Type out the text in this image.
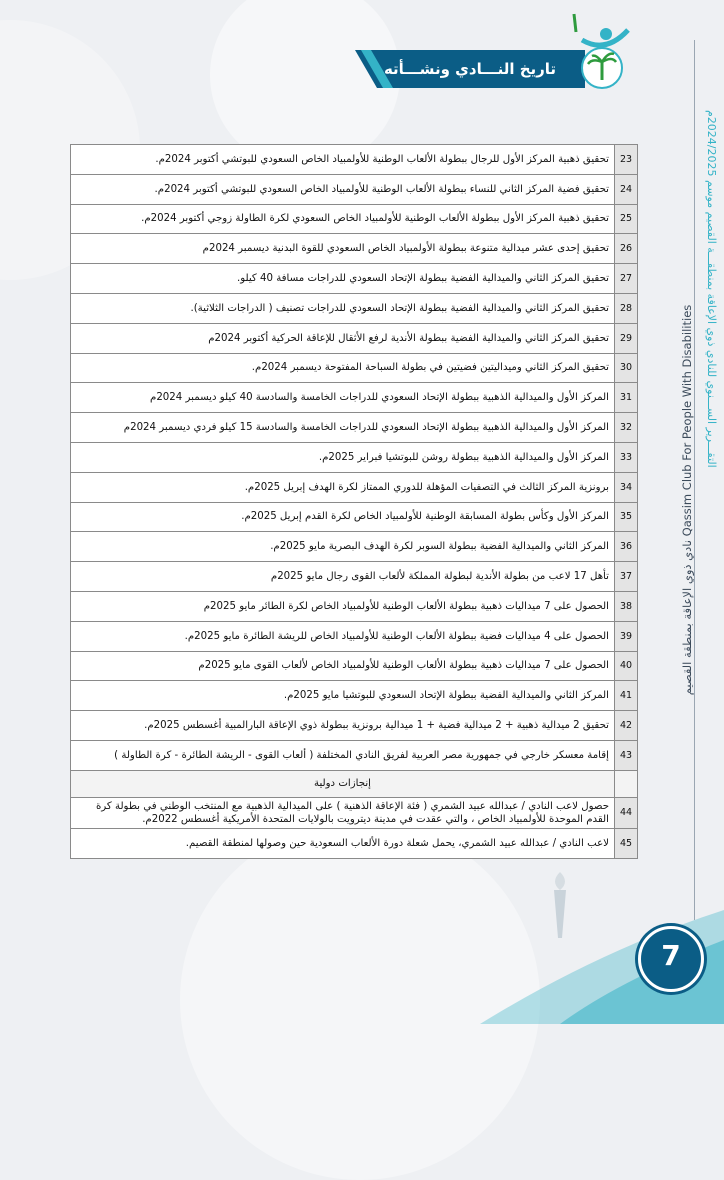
تاريخ النـــادي ونشـــأته
Qassim Club For People With Disabilities نادي ذوي الإعاقة بمنطقة القصيم
التقـــرير الســـنوي للنادي ذوي الإعاقة بمنطقـــة القصيم موسم 2024/2025م
23	تحقيق ذهبية المركز الأول للرجال ببطولة الألعاب الوطنية للأولمبياد الخاص السعودي للبوتشي أكتوبر 2024م.
24	تحقيق فضية المركز الثاني للنساء ببطولة الألعاب الوطنية للأولمبياد الخاص السعودي للبوتشي أكتوبر 2024م.
25	تحقيق ذهبية المركز الأول ببطولة الألعاب الوطنية للأولمبياد الخاص السعودي لكرة الطاولة زوجي أكتوبر 2024م.
26	تحقيق إحدى عشر ميدالية متنوعة ببطولة الأولمبياد الخاص السعودي للقوة البدنية ديسمبر 2024م
27	تحقيق المركز الثاني والميدالية الفضية ببطولة الإتحاد السعودي للدراجات مسافة 40 كيلو.
28	تحقيق المركز الثاني والميدالية الفضية ببطولة الإتحاد السعودي للدراجات تصنيف ( الدراجات الثلاثية).
29	تحقيق المركز الثاني والميدالية الفضية ببطولة الأندية لرفع الأثقال للإعاقة الحركية أكتوبر 2024م
30	تحقيق المركز الثاني وميداليتين فضيتين في بطولة السباحة المفتوحة ديسمبر 2024م.
31	المركز الأول والميدالية الذهبية ببطولة الإتحاد السعودي للدراجات الخامسة والسادسة 40 كيلو ديسمبر 2024م
32	المركز الأول والميدالية الذهبية ببطولة الإتحاد السعودي للدراجات الخامسة والسادسة 15 كيلو فردي ديسمبر 2024م
33	المركز الأول والميدالية الذهبية ببطولة روشن للبوتشيا فبراير 2025م.
34	برونزية المركز الثالث في التصفيات المؤهلة للدوري الممتاز لكرة الهدف إبريل 2025م.
35	المركز الأول وكأس بطولة المسابقة الوطنية للأولمبياد الخاص لكرة القدم إبريل 2025م.
36	المركز الثاني والميدالية الفضية ببطولة السوبر لكرة الهدف البصرية مايو 2025م.
37	تأهل 17 لاعب من بطولة الأندية لبطولة المملكة لألعاب القوى رجال مايو 2025م
38	الحصول على 7 ميداليات ذهبية ببطولة الألعاب الوطنية للأولمبياد الخاص لكرة الطائر مايو 2025م
39	الحصول على 4 ميداليات فضية ببطولة الألعاب الوطنية للأولمبياد الخاص للريشة الطائرة مايو 2025م.
40	الحصول على 7 ميداليات ذهبية ببطولة الألعاب الوطنية للأولمبياد الخاص لألعاب القوى مايو 2025م
41	المركز الثاني والميدالية الفضية ببطولة الإتحاد السعودي للبوتشيا مايو 2025م.
42	تحقيق 2 ميدالية ذهبية + 2 ميدالية فضية + 1 ميدالية برونزية ببطولة ذوي الإعاقة البارالمبية أغسطس 2025م.
43	إقامة معسكر خارجي في جمهورية مصر العربية لفريق النادي المختلفة ( ألعاب القوى - الريشة الطائرة - كرة الطاولة )
	إنجازات دولية
44	حصول لاعب النادي / عبدالله عبيد الشمري ( فئة الإعاقة الذهنية ) على الميدالية الذهبية مع المنتخب الوطني في بطولة كرة القدم الموحدة للأولمبياد الخاص ، والتي عقدت في مدينة ديترويت بالولايات المتحدة الأمريكية أغسطس 2022م.
45	لاعب النادي / عبدالله عبيد الشمري، يحمل شعلة دورة الألعاب السعودية حين وصولها لمنطقة القصيم.
7
